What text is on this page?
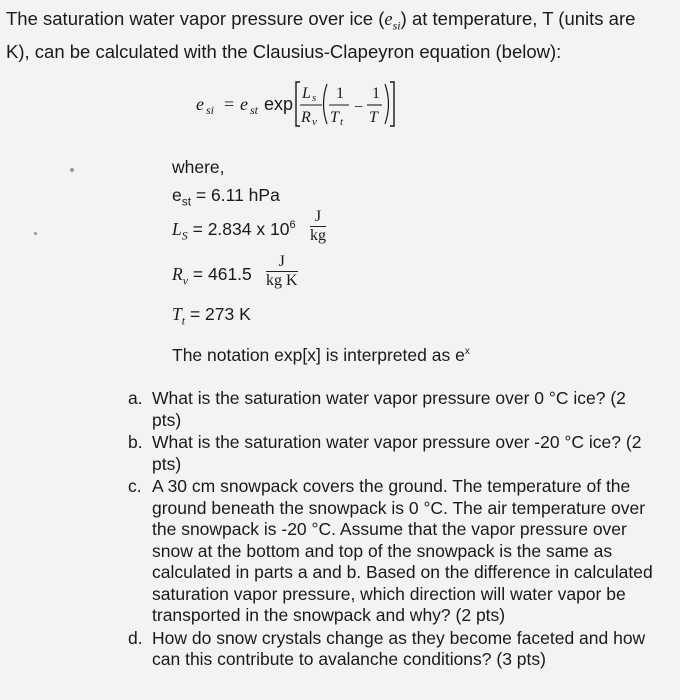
The saturation water vapor pressure over ice $(e_{si})$ at temperature, T (units are
K), can be calculated with the Clausius-Clapeyron equation (below):
e si = e st exp
L s
R v
1
T t
−
1
T
where,
$e_{st} = 6.11$ hPa
$L_S = 2.834$ x $10^6 \frac{J}{kg}$
$R_v = 461.5 \frac{J}{\text{kg K}}$
$T_t = 273$ K
The notation exp[x] is interpreted as $e^x$
a. What is the saturation water vapor pressure over 0 °C ice? (2 pts)
b. What is the saturation water vapor pressure over -20 °C ice? (2 pts)
c. A 30 cm snowpack covers the ground. The temperature of the ground beneath the snowpack is 0 °C. The air temperature over the snowpack is -20 °C. Assume that the vapor pressure over snow at the bottom and top of the snowpack is the same as calculated in parts a and b. Based on the difference in calculated saturation vapor pressure, which direction will water vapor be transported in the snowpack and why? (2 pts)
d. How do snow crystals change as they become faceted and how can this contribute to avalanche conditions? (3 pts)
